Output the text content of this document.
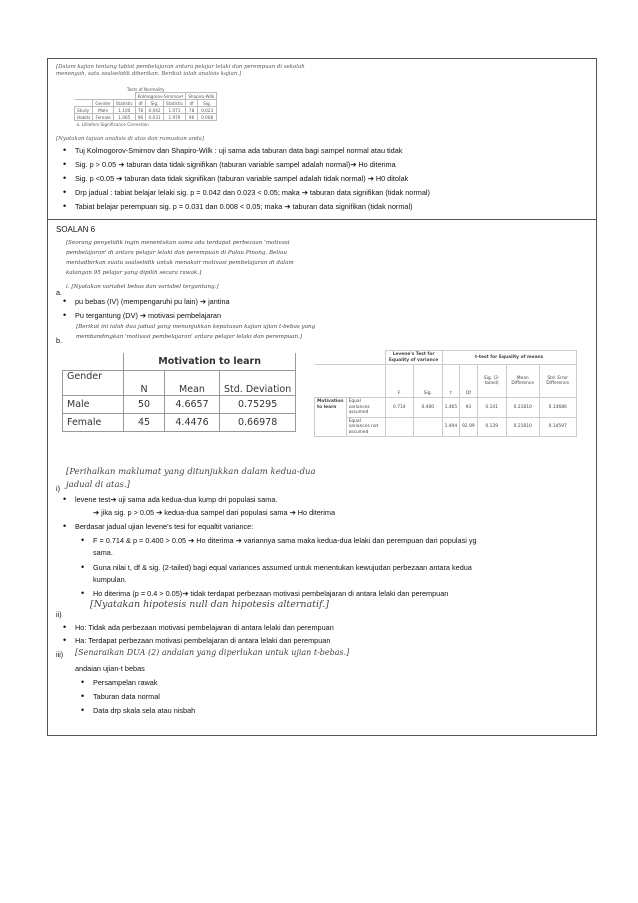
[Dalam kajian tentang tabiat pembelajaran antara pelajar lelaki dan perempuan di sekolah menengah, satu soalselidik diberikan. Berikut ialah analisis kajian.]
Tests of Normality							
			Kolmogorov-Smirnovª			Shapiro-Wilk	
	Gender	Statistic	df	Sig.	Statistic	df	Sig.
Study	Male	1.100	78	0.042	1.071	78	0.023
Habits	Female	1.065	96	0.031	1.979	96	0.008
a. Lilliefors Significance Correction							
[Nyatakan tujuan analisis di atas dan rumuskan anda]
• Tuj Kolmogorov-Smirnov dan Shapiro-Wilk : uji sama ada taburan data bagi sampel normal atau tidak
• Sig. p > 0.05 ➔ taburan data tidak signifikan (taburan variable sampel adalah normal)➔ Ho diterima
• Sig. p <0.05 ➔ taburan data tidak signifikan (taburan variable sampel adalah tidak normal) ➔ H0 ditolak
• Drp jadual : tabiat belajar lelaki sig. p = 0.042 dan 0.023 < 0.05; maka ➔ taburan data signifikan (tidak normal)
• Tabiat belajar perempuan sig. p = 0.031 dan 0.008 < 0.05; maka ➔ taburan data signifikan (tidak normal)
SOALAN 6
[Seorang penyelidik ingin menentukan sama ada terdapat perbezaan 'motivasi pembelajaran' di antara pelajar lelaki dan perempuan di Pulau Pinang. Beliau mentadbirkan suatu soalselidik untuk menaksir motivasi pembelajaran di dalam kalangan 95 pelajar yang dipilih secara rawak.]
a.
i. [Nyatakan variabel bebas dan variabel tergantung.]
• pu bebas (IV) (mempengaruhi pu lain) ➔ jantina
• Pu tergantung (DV) ➔ motivasi pembelajaran
[Berikut ini ialah dua jadual yang menunjukkan keputusan kajian ujian t-bebas yang membandingkan 'motivasi pembelajaran' antara pelajar lelaki dan perempuan.]
b.
	Motivation to learn		
Gender	N	Mean	Std. Deviation
Male	50	4.6657	0.75295
Female	45	4.4476	0.66978
		Levene's Test for Equality of variance		t-test for Equality of means				
		F	Sig.	t	Df	Sig. (2-tailed)	Mean Difference	Std. Error Difference
Motivation to learn	Equal variances assumed	0.714	0.400	1.465	93	0.141	0.21810	0.14686
	Equal variances not assumed			1.494	92.99	0.139	0.21810	0.14597
[Perihalkan maklumat yang ditunjukkan dalam kedua-dua jadual di atas.]
i)
• levene test➔ uji sama ada kedua-dua kump dri populasi sama.
➔ jika sig. p > 0.05 ➔ kedua-dua sampel dari populasi sama ➔ Ho diterima
• Berdasar jadual ujian levene's tesi for equaltit variance:
• F = 0.714 & p = 0.400 > 0.05 ➔ Ho diterima ➔ variannya sama maka kedua-dua lelaki dan perempuan dari populasi yg
sama.
• Guna nilai t, df & sig. (2-tailed) bagi equal variances assumed untuk menentukan kewujudan perbezaan antara kedua
kumpulan.
• Ho diterima (p = 0.4 > 0.05)➔ tidak terdapat perbezaan motivasi pembelajaran di antara lelaki dan perempuan
[Nyatakan hipotesis null dan hipotesis alternatif.]
ii)
• Ho: Tidak ada perbezaan motivasi pembelajaran di antara lelaki dan perempuan
• Ha: Terdapat perbezaan motivasi pembelajaran di antara lelaki dan perempuan
iii) [Senaraikan DUA (2) andaian yang diperlukan untuk ujian t-bebas.]
andaian ujian-t bebas
• Persampelan rawak
• Taburan data normal
• Data drp skala sela atau nisbah
